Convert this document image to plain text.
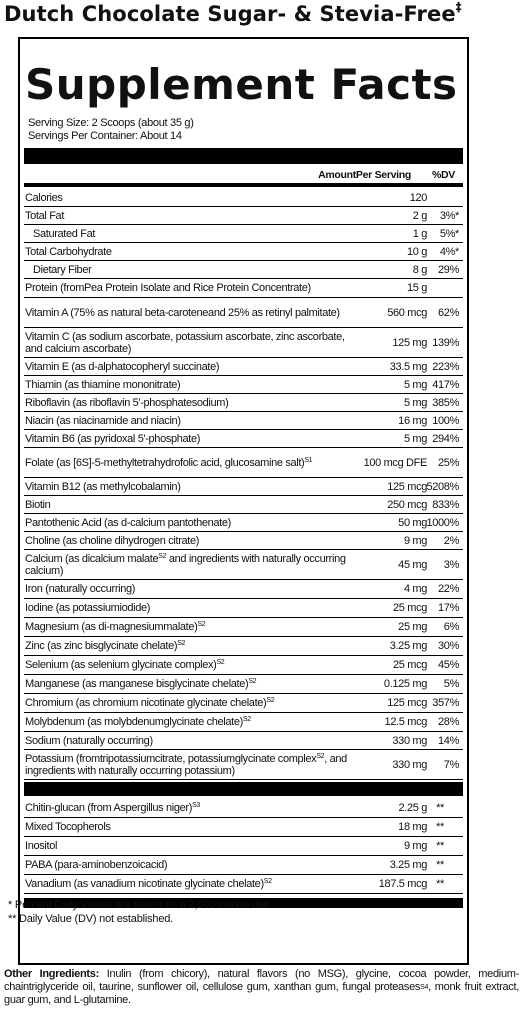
Dutch Chocolate Sugar- & Stevia-Free‡
Supplement Facts
Serving Size: 2 Scoops (about 35 g)
Servings Per Container: About 14
AmountPer Serving %DV
Calories	120
Total Fat	2 g	3%*
Saturated Fat	1 g	5%*
Total Carbohydrate	10 g	4%*
Dietary Fiber	8 g	29%
Protein (fromPea Protein Isolate and Rice Protein Concentrate)	15 g
Vitamin A (75% as natural beta-caroteneand 25% as retinyl palmitate)	560 mcg	62%
Vitamin C (as sodium ascorbate, potassium ascorbate, zinc ascorbate, and calcium ascorbate)	125 mg 139%
Vitamin E (as d-alphatocopheryl succinate)	33.5 mg 223%
Thiamin (as thiamine mononitrate)	5 mg 417%
Riboflavin (as riboflavin 5'-phosphatesodium)	5 mg 385%
Niacin (as niacinamide and niacin)	16 mg 100%
Vitamin B6 (as pyridoxal 5'-phosphate)	5 mg 294%
Folate (as [6S]-5-methyltetrahydrofolic acid, glucosamine salt)$^{S1}$	100 mcg DFE	25%
Vitamin B12 (as methylcobalamin)	125 mcg 5208%
Biotin	250 mcg 833%
Pantothenic Acid (as d-calcium pantothenate)	50 mg 1000%
Choline (as choline dihydrogen citrate)	9 mg	2%
Calcium (as dicalcium malate$^{S2}$ and ingredients with naturally occurring calcium)	45 mg	3%
Iron (naturally occurring)	4 mg	22%
Iodine (as potassiumiodide)	25 mcg	17%
Magnesium (as di-magnesiummalate)$^{S2}$	25 mg	6%
Zinc (as zinc bisglycinate chelate)$^{S2}$	3.25 mg	30%
Selenium (as selenium glycinate complex)$^{S2}$	25 mcg	45%
Manganese (as manganese bisglycinate chelate)$^{S2}$	0.125 mg	5%
Chromium (as chromium nicotinate glycinate chelate)$^{S2}$	125 mcg 357%
Molybdenum (as molybdenumglycinate chelate)$^{S2}$	12.5 mcg	28%
Sodium (naturally occurring)	330 mg	14%
Potassium (fromtripotassiumcitrate, potassiumglycinate complex$^{S2}$, and ingredients with naturally occurring potassium)	330 mg	7%
Chitin-glucan (from Aspergillus niger)$^{S3}$	2.25 g **
Mixed Tocopherols	18 mg **
Inositol	9 mg **
PABA (para-aminobenzoicacid)	3.25 mg **
Vanadium (as vanadium nicotinate glycinate chelate)$^{S2}$	187.5 mcg **
* Percent Daily Values are based on a 2,000 calorie diet.
** Daily Value (DV) not established.
Other Ingredients: Inulin (from chicory), natural flavors (no MSG), glycine, cocoa powder, medium-chaintriglyceride oil, taurine, sunflower oil, cellulose gum, xanthan gum, fungal proteases$^{S4}$, monk fruit extract, guar gum, and L-glutamine.
